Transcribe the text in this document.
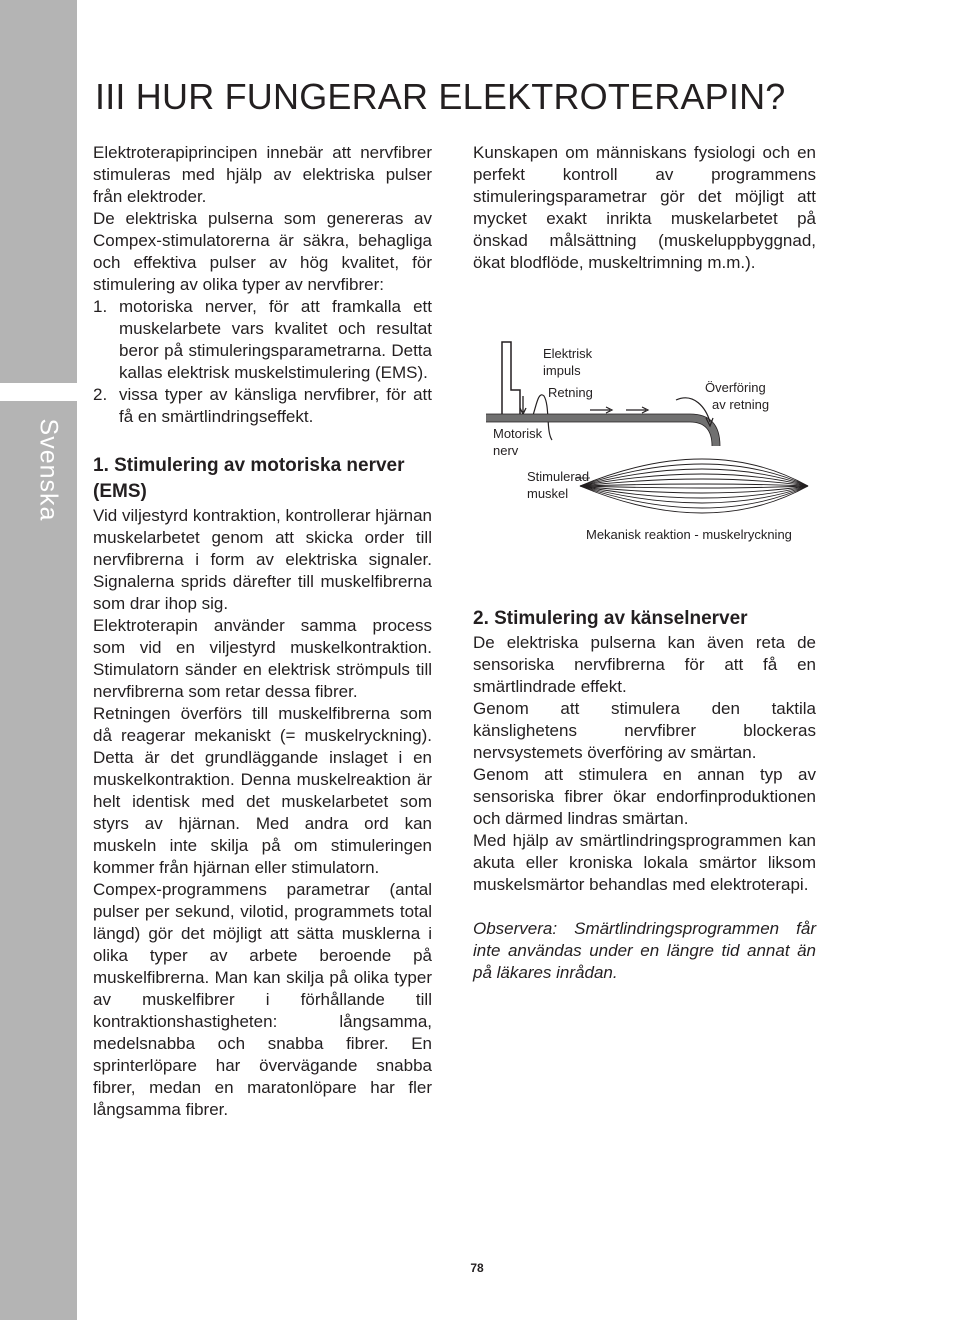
Svenska
III HUR FUNGERAR ELEKTROTERAPIN?

Elektroterapiprincipen innebär att nervfibrer stimuleras med hjälp av elektriska pulser från elektroder.

De elektriska pulserna som genereras av Compex-stimulatorerna är säkra, behagliga och effektiva pulser av hög kvalitet, för stimulering av olika typer av nervfibrer:

1. motoriska nerver, för att framkalla ett muskelarbete vars kvalitet och resultat beror på stimuleringsparametrarna. Detta kallas elektrisk muskelstimulering (EMS).
2. vissa typer av känsliga nervfibrer, för att få en smärtlindringseffekt.
1. Stimulering av motoriska nerver (EMS)

Vid viljestyrd kontraktion, kontrollerar hjärnan muskelarbetet genom att skicka order till nervfibrerna i form av elektriska signaler. Signalerna sprids därefter till muskelfibrerna som drar ihop sig.

Elektroterapin använder samma process som vid en viljestyrd muskelkontraktion. Stimulatorn sänder en elektrisk strömpuls till nervfibrerna som retar dessa fibrer.

Retningen överförs till muskelfibrerna som då reagerar mekaniskt (= muskelryckning). Detta är det grundläggande inslaget i en muskelkontraktion. Denna muskelreaktion är helt identisk med det muskelarbetet som styrs av hjärnan. Med andra ord kan muskeln inte skilja på om stimuleringen kommer från hjärnan eller stimulatorn.

Compex-programmens parametrar (antal pulser per sekund, vilotid, programmets total längd) gör det möjligt att sätta musklerna i olika typer av arbete beroende på muskelfibrerna. Man kan skilja på olika typer av muskelfibrer i förhållande till kontraktionshastigheten: långsamma, medelsnabba och snabba fibrer. En sprinterlöpare har övervägande snabba fibrer, medan en maratonlöpare har fler långsamma fibrer.

Kunskapen om människans fysiologi och en perfekt kontroll av programmens stimuleringsparametrar gör det möjligt att mycket exakt inrikta muskelarbetet på önskad målsättning (muskeluppbyggnad, ökat blodflöde, muskeltrimning m.m.).

Elektrisk
impuls
Retning	Överföring
av retning
Motorisk
nerv
Stimulerad
muskel
Mekanisk reaktion - muskelryckning
2. Stimulering av känselnerver

De elektriska pulserna kan även reta de sensoriska nervfibrerna för att få en smärtlindrade effekt.

Genom att stimulera den taktila känslighetens nervfibrer blockeras nervsystemets överföring av smärtan.

Genom att stimulera en annan typ av sensoriska fibrer ökar endorfinproduktionen och därmed lindras smärtan.

Med hjälp av smärtlindringsprogrammen kan akuta eller kroniska lokala smärtor liksom muskelsmärtor behandlas med elektroterapi.

Observera: Smärtlindringsprogrammen får inte användas under en längre tid annat än på läkares inrådan.

78
